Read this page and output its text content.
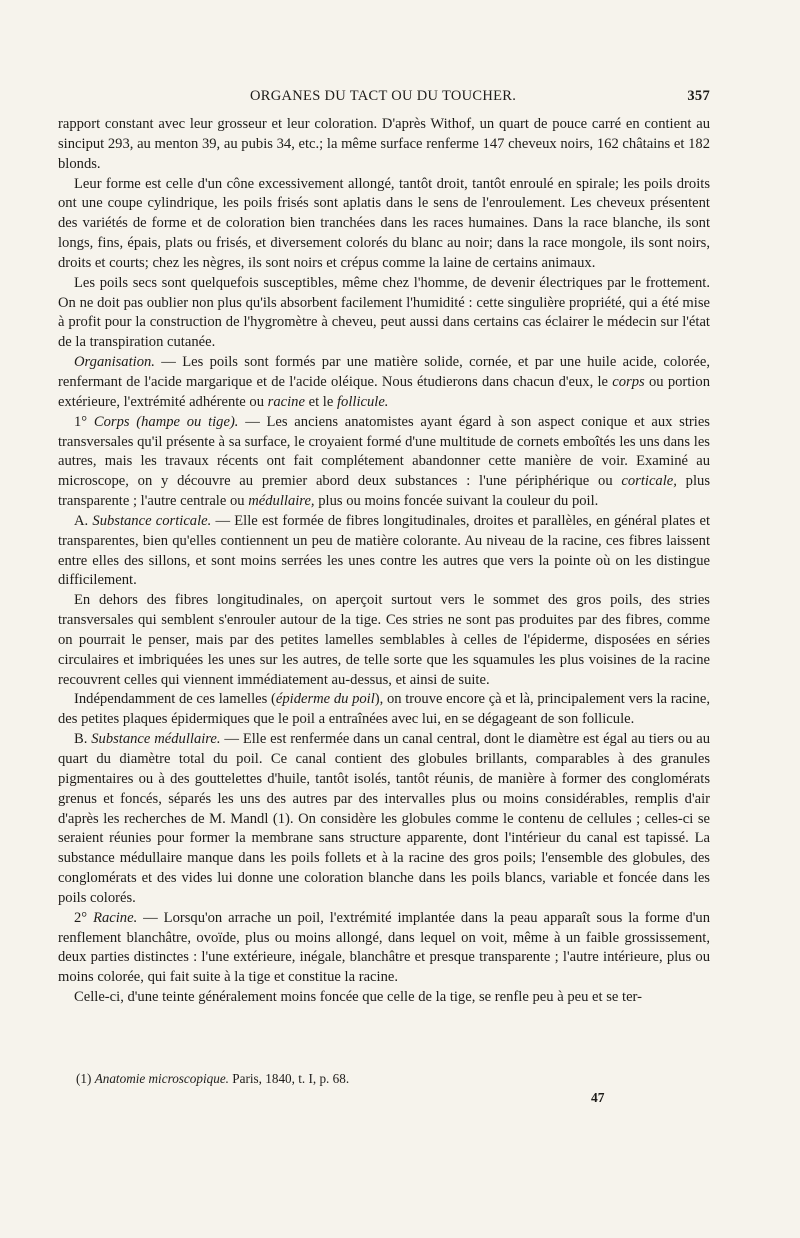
ORGANES DU TACT OU DU TOUCHER.	357

rapport constant avec leur grosseur et leur coloration. D'après Withof, un quart de pouce carré en contient au sinciput 293, au menton 39, au pubis 34, etc.; la même surface renferme 147 cheveux noirs, 162 châtains et 182 blonds.

Leur forme est celle d'un cône excessivement allongé, tantôt droit, tantôt enroulé en spirale; les poils droits ont une coupe cylindrique, les poils frisés sont aplatis dans le sens de l'enroulement. Les cheveux présentent des variétés de forme et de coloration bien tranchées dans les races humaines. Dans la race blanche, ils sont longs, fins, épais, plats ou frisés, et diversement colorés du blanc au noir; dans la race mongole, ils sont noirs, droits et courts; chez les nègres, ils sont noirs et crépus comme la laine de certains animaux.

Les poils secs sont quelquefois susceptibles, même chez l'homme, de devenir électriques par le frottement. On ne doit pas oublier non plus qu'ils absorbent facilement l'humidité : cette singulière propriété, qui a été mise à profit pour la construction de l'hygromètre à cheveu, peut aussi dans certains cas éclairer le médecin sur l'état de la transpiration cutanée.

Organisation. — Les poils sont formés par une matière solide, cornée, et par une huile acide, colorée, renfermant de l'acide margarique et de l'acide oléique. Nous étudierons dans chacun d'eux, le corps ou portion extérieure, l'extrémité adhérente ou racine et le follicule.

1° Corps (hampe ou tige). — Les anciens anatomistes ayant égard à son aspect conique et aux stries transversales qu'il présente à sa surface, le croyaient formé d'une multitude de cornets emboîtés les uns dans les autres, mais les travaux récents ont fait complétement abandonner cette manière de voir. Examiné au microscope, on y découvre au premier abord deux substances : l'une périphérique ou corticale, plus transparente ; l'autre centrale ou médullaire, plus ou moins foncée suivant la couleur du poil.

A. Substance corticale. — Elle est formée de fibres longitudinales, droites et parallèles, en général plates et transparentes, bien qu'elles contiennent un peu de matière colorante. Au niveau de la racine, ces fibres laissent entre elles des sillons, et sont moins serrées les unes contre les autres que vers la pointe où on les distingue difficilement.

En dehors des fibres longitudinales, on aperçoit surtout vers le sommet des gros poils, des stries transversales qui semblent s'enrouler autour de la tige. Ces stries ne sont pas produites par des fibres, comme on pourrait le penser, mais par des petites lamelles semblables à celles de l'épiderme, disposées en séries circulaires et imbriquées les unes sur les autres, de telle sorte que les squamules les plus voisines de la racine recouvrent celles qui viennent immédiatement au-dessus, et ainsi de suite.

Indépendamment de ces lamelles (épiderme du poil), on trouve encore çà et là, principalement vers la racine, des petites plaques épidermiques que le poil a entraînées avec lui, en se dégageant de son follicule.

B. Substance médullaire. — Elle est renfermée dans un canal central, dont le diamètre est égal au tiers ou au quart du diamètre total du poil. Ce canal contient des globules brillants, comparables à des granules pigmentaires ou à des gouttelettes d'huile, tantôt isolés, tantôt réunis, de manière à former des conglomérats grenus et foncés, séparés les uns des autres par des intervalles plus ou moins considérables, remplis d'air d'après les recherches de M. Mandl (1). On considère les globules comme le contenu de cellules ; celles-ci se seraient réunies pour former la membrane sans structure apparente, dont l'intérieur du canal est tapissé. La substance médullaire manque dans les poils follets et à la racine des gros poils; l'ensemble des globules, des conglomérats et des vides lui donne une coloration blanche dans les poils blancs, variable et foncée dans les poils colorés.

2° Racine. — Lorsqu'on arrache un poil, l'extrémité implantée dans la peau apparaît sous la forme d'un renflement blanchâtre, ovoïde, plus ou moins allongé, dans lequel on voit, même à un faible grossissement, deux parties distinctes : l'une extérieure, inégale, blanchâtre et presque transparente ; l'autre intérieure, plus ou moins colorée, qui fait suite à la tige et constitue la racine.

Celle-ci, d'une teinte généralement moins foncée que celle de la tige, se renfle peu à peu et se ter-

(1) Anatomie microscopique. Paris, 1840, t. I, p. 68.
47
